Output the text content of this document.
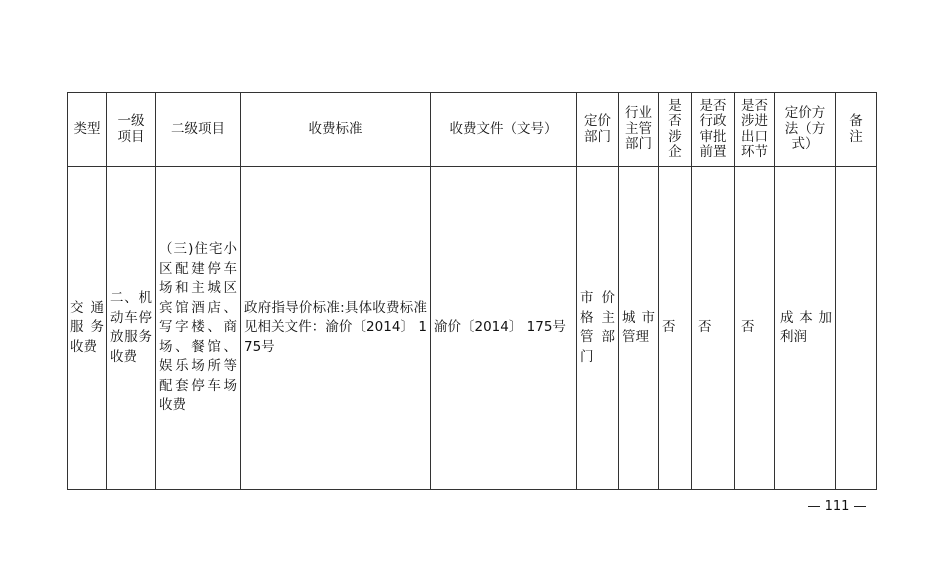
类型	一级项目	二级项目	收费标准	收费文件（文号）	定价部门	行业主管部门	是否涉企	是否行政审批前置	是否涉进出口环节	定价方法（方式）	备注

交通服务收费	二、机动车停放服务收费	（三)住宅小区配建停车场和主城区宾馆酒店、写字楼、商场、餐馆、娱乐场所等配套停车场收费	政府指导价标准:具体收费标准见相关文件：渝价〔2014〕 175号	渝价〔2014〕 175号	市价格主管部门	城市管理	否	否	否	成本加利润	

111
